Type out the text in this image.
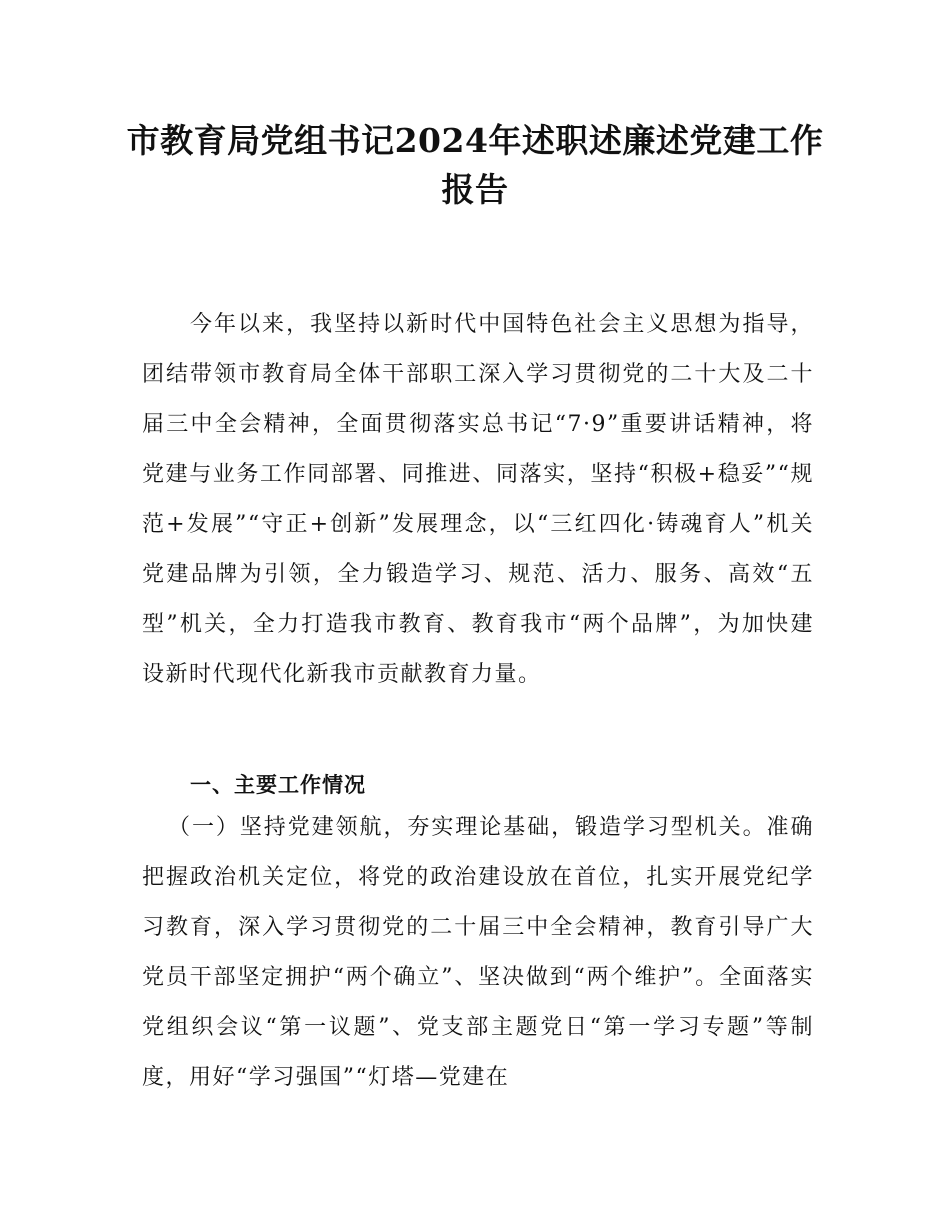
市教育局党组书记2024年述职述廉述党建工作报告

今年以来，我坚持以新时代中国特色社会主义思想为指导，团结带领市教育局全体干部职工深入学习贯彻党的二十大及二十届三中全会精神，全面贯彻落实总书记“7·9”重要讲话精神，将党建与业务工作同部署、同推进、同落实，坚持“积极+稳妥”“规范+发展”“守正+创新”发展理念，以“三红四化·铸魂育人”机关党建品牌为引领，全力锻造学习、规范、活力、服务、高效“五型”机关，全力打造我市教育、教育我市“两个品牌”，为加快建设新时代现代化新我市贡献教育力量。

一、主要工作情况

（一）坚持党建领航，夯实理论基础，锻造学习型机关。准确把握政治机关定位，将党的政治建设放在首位，扎实开展党纪学习教育，深入学习贯彻党的二十届三中全会精神，教育引导广大党员干部坚定拥护“两个确立”、坚决做到“两个维护”。全面落实党组织会议“第一议题”、党支部主题党日“第一学习专题”等制度，用好“学习强国”“灯塔—党建在
